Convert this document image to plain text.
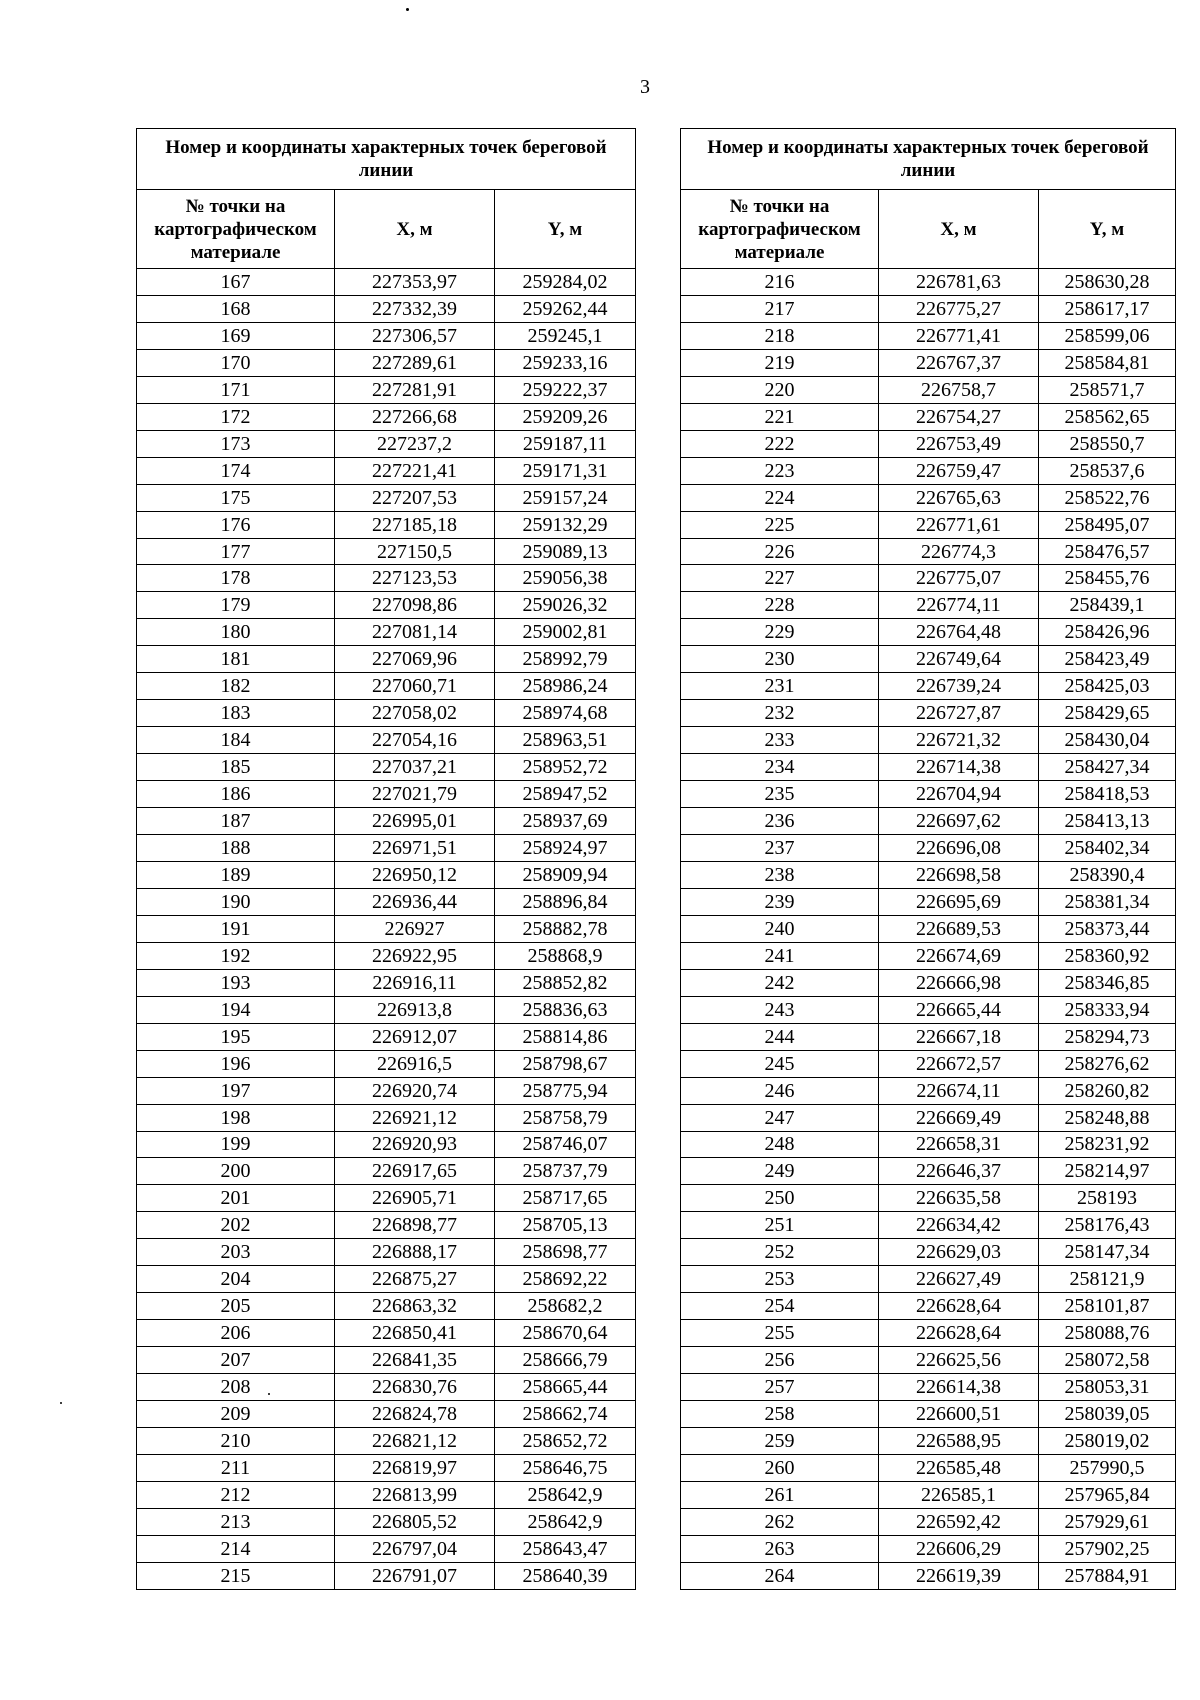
3
Номер и координаты характерных точек береговой линии		
№ точки на картографическом материале	X, м	Y, м
167	227353,97	259284,02
168	227332,39	259262,44
169	227306,57	259245,1
170	227289,61	259233,16
171	227281,91	259222,37
172	227266,68	259209,26
173	227237,2	259187,11
174	227221,41	259171,31
175	227207,53	259157,24
176	227185,18	259132,29
177	227150,5	259089,13
178	227123,53	259056,38
179	227098,86	259026,32
180	227081,14	259002,81
181	227069,96	258992,79
182	227060,71	258986,24
183	227058,02	258974,68
184	227054,16	258963,51
185	227037,21	258952,72
186	227021,79	258947,52
187	226995,01	258937,69
188	226971,51	258924,97
189	226950,12	258909,94
190	226936,44	258896,84
191	226927	258882,78
192	226922,95	258868,9
193	226916,11	258852,82
194	226913,8	258836,63
195	226912,07	258814,86
196	226916,5	258798,67
197	226920,74	258775,94
198	226921,12	258758,79
199	226920,93	258746,07
200	226917,65	258737,79
201	226905,71	258717,65
202	226898,77	258705,13
203	226888,17	258698,77
204	226875,27	258692,22
205	226863,32	258682,2
206	226850,41	258670,64
207	226841,35	258666,79
208	226830,76	258665,44
209	226824,78	258662,74
210	226821,12	258652,72
211	226819,97	258646,75
212	226813,99	258642,9
213	226805,52	258642,9
214	226797,04	258643,47
215	226791,07	258640,39
Номер и координаты характерных точек береговой линии		
№ точки на картографическом материале	X, м	Y, м
216	226781,63	258630,28
217	226775,27	258617,17
218	226771,41	258599,06
219	226767,37	258584,81
220	226758,7	258571,7
221	226754,27	258562,65
222	226753,49	258550,7
223	226759,47	258537,6
224	226765,63	258522,76
225	226771,61	258495,07
226	226774,3	258476,57
227	226775,07	258455,76
228	226774,11	258439,1
229	226764,48	258426,96
230	226749,64	258423,49
231	226739,24	258425,03
232	226727,87	258429,65
233	226721,32	258430,04
234	226714,38	258427,34
235	226704,94	258418,53
236	226697,62	258413,13
237	226696,08	258402,34
238	226698,58	258390,4
239	226695,69	258381,34
240	226689,53	258373,44
241	226674,69	258360,92
242	226666,98	258346,85
243	226665,44	258333,94
244	226667,18	258294,73
245	226672,57	258276,62
246	226674,11	258260,82
247	226669,49	258248,88
248	226658,31	258231,92
249	226646,37	258214,97
250	226635,58	258193
251	226634,42	258176,43
252	226629,03	258147,34
253	226627,49	258121,9
254	226628,64	258101,87
255	226628,64	258088,76
256	226625,56	258072,58
257	226614,38	258053,31
258	226600,51	258039,05
259	226588,95	258019,02
260	226585,48	257990,5
261	226585,1	257965,84
262	226592,42	257929,61
263	226606,29	257902,25
264	226619,39	257884,91
